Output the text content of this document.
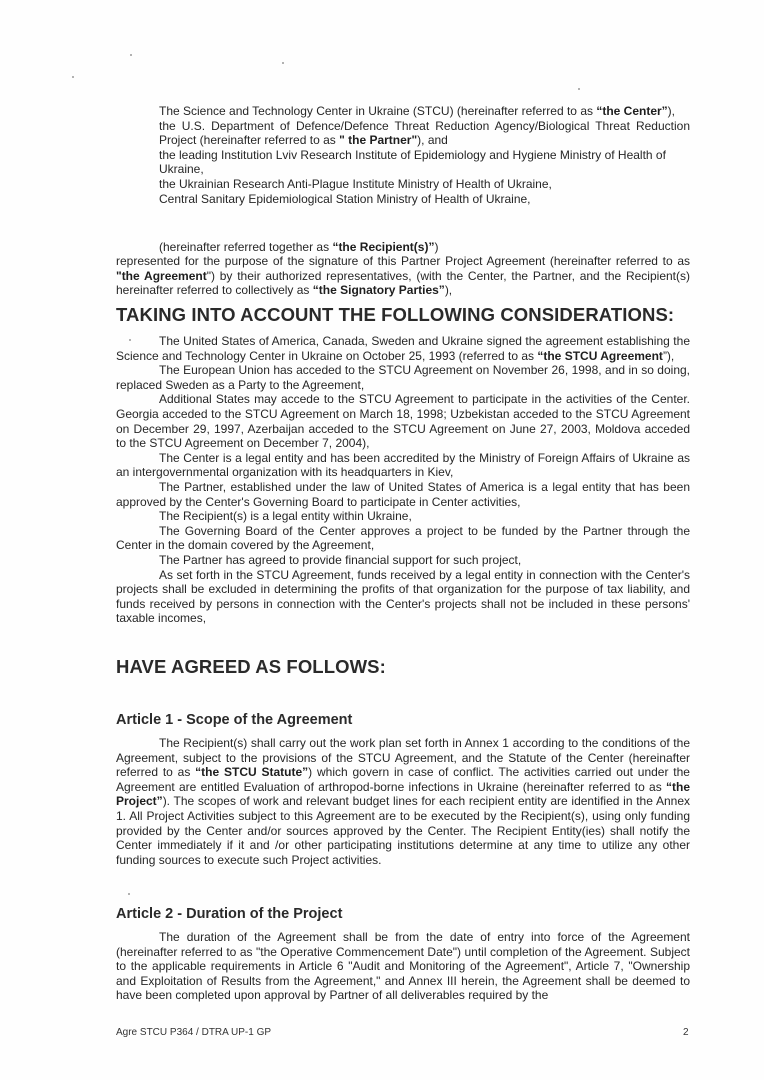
The Science and Technology Center in Ukraine (STCU) (hereinafter referred to as “the Center”),

the U.S. Department of Defence/Defence Threat Reduction Agency/Biological Threat Reduction Project (hereinafter referred to as " the Partner"), and

the leading Institution Lviv Research Institute of Epidemiology and Hygiene Ministry of Health of Ukraine,

the Ukrainian Research Anti-Plague Institute Ministry of Health of Ukraine,

Central Sanitary Epidemiological Station Ministry of Health of Ukraine,

(hereinafter referred together as “the Recipient(s)”)

represented for the purpose of the signature of this Partner Project Agreement (hereinafter referred to as "the Agreement") by their authorized representatives, (with the Center, the Partner, and the Recipient(s) hereinafter referred to collectively as “the Signatory Parties”),

TAKING INTO ACCOUNT THE FOLLOWING CONSIDERATIONS:

The United States of America, Canada, Sweden and Ukraine signed the agreement establishing the Science and Technology Center in Ukraine on October 25, 1993 (referred to as “the STCU Agreement”),

The European Union has acceded to the STCU Agreement on November 26, 1998, and in so doing, replaced Sweden as a Party to the Agreement,

Additional States may accede to the STCU Agreement to participate in the activities of the Center. Georgia acceded to the STCU Agreement on March 18, 1998; Uzbekistan acceded to the STCU Agreement on December 29, 1997, Azerbaijan acceded to the STCU Agreement on June 27, 2003, Moldova acceded to the STCU Agreement on December 7, 2004),

The Center is a legal entity and has been accredited by the Ministry of Foreign Affairs of Ukraine as an intergovernmental organization with its headquarters in Kiev,

The Partner, established under the law of United States of America is a legal entity that has been approved by the Center's Governing Board to participate in Center activities,

The Recipient(s) is a legal entity within Ukraine,

The Governing Board of the Center approves a project to be funded by the Partner through the Center in the domain covered by the Agreement,

The Partner has agreed to provide financial support for such project,

As set forth in the STCU Agreement, funds received by a legal entity in connection with the Center's projects shall be excluded in determining the profits of that organization for the purpose of tax liability, and funds received by persons in connection with the Center's projects shall not be included in these persons' taxable incomes,

HAVE AGREED AS FOLLOWS:
Article 1 - Scope of the Agreement

The Recipient(s) shall carry out the work plan set forth in Annex 1 according to the conditions of the Agreement, subject to the provisions of the STCU Agreement, and the Statute of the Center (hereinafter referred to as “the STCU Statute”) which govern in case of conflict. The activities carried out under the Agreement are entitled Evaluation of arthropod-borne infections in Ukraine (hereinafter referred to as “the Project”). The scopes of work and relevant budget lines for each recipient entity are identified in the Annex 1. All Project Activities subject to this Agreement are to be executed by the Recipient(s), using only funding provided by the Center and/or sources approved by the Center. The Recipient Entity(ies) shall notify the Center immediately if it and /or other participating institutions determine at any time to utilize any other funding sources to execute such Project activities.

Article 2 - Duration of the Project

The duration of the Agreement shall be from the date of entry into force of the Agreement (hereinafter referred to as "the Operative Commencement Date") until completion of the Agreement. Subject to the applicable requirements in Article 6 "Audit and Monitoring of the Agreement", Article 7, "Ownership and Exploitation of Results from the Agreement," and Annex III herein, the Agreement shall be deemed to have been completed upon approval by Partner of all deliverables required by the

Agre STCU P364 / DTRA UP-1 GP	2
